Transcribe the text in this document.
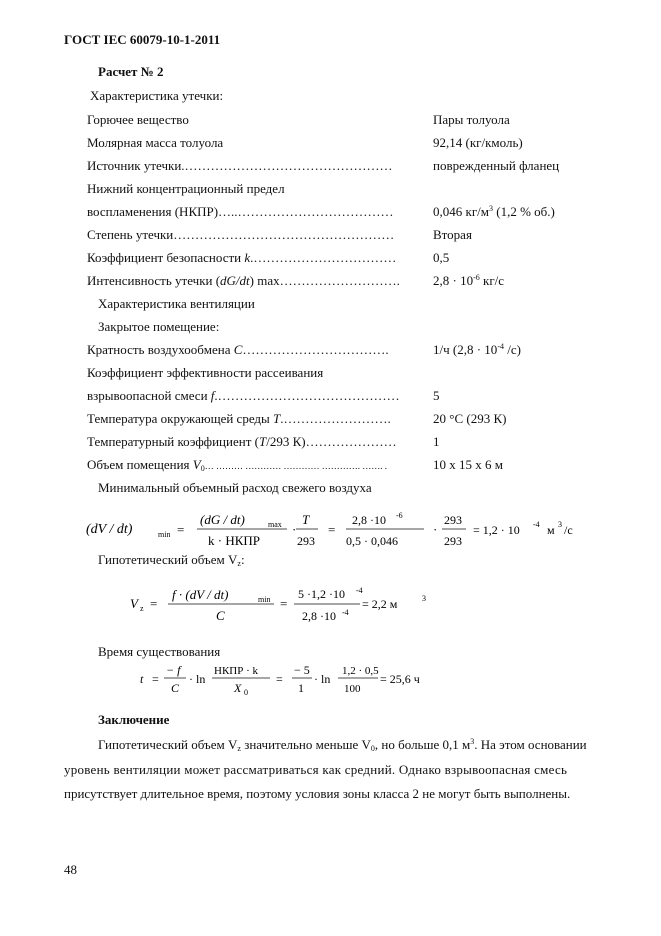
ГОСТ IEC 60079-10-1-2011
Расчет № 2
Характеристика утечки:
Горючее вещество	Пары толуола
Молярная масса толуола	92,14 (кг/кмоль)
Источник утечки.…………………………………………	поврежденный фланец
Нижний концентрационный предел
воспламенения (НКПР)…..………………………………	0,046 $кг/м^3$ (1,2 % об.)
Степень утечки……………………………………………	Вторая
Коэффициент безопасности k.……………………………	0,5
Интенсивность утечки (dG/dt) max……………………….	$2,8 \cdot 10^{-6}$ кг/с
Характеристика вентиляции
Закрытое помещение:
Кратность воздухообмена C…………………………….	1/ч ($2,8 \cdot 10^{-4}$ /с)
Коэффициент эффективности рассеивания
взрывоопасной смеси f.……………………………………	5
Температура окружающей среды T.…………………….	20 °С (293 К)
Температурный коэффициент (T/293 К)…………………	1
Объем помещения $V_0\dots$ ……… ………… ………… …………. ……. .	10 х 15 х 6 м
Минимальный объемный расход свежего воздуха
(dV / dt)	min =
(dG / dt)	max
k · НКПР
·
T
293
=
2,8 ·10 -6
0,5 · 0,046
·
293
293
= 1,2 · 10 -4 м 3 /с
Гипотетический объем $V_z$:
V z =
f · (dV / dt)	min
C
=
5 ·1,2 ·10 -4
2,8 ·10 -4
= 2,2 м	3
Время существования
t =
− f
C
· ln
НКПР · k
X 0
=
− 5
1
· ln
1,2 · 0,5
100
= 25,6 ч
Заключение
Гипотетический объем $V_z$ значительно меньше $V_0$, но больше 0,1 $м^3$. На этом основании
уровень вентиляции может рассматриваться как средний. Однако взрывоопасная смесь
присутствует длительное время, поэтому условия зоны класса 2 не могут быть выполнены.
48
